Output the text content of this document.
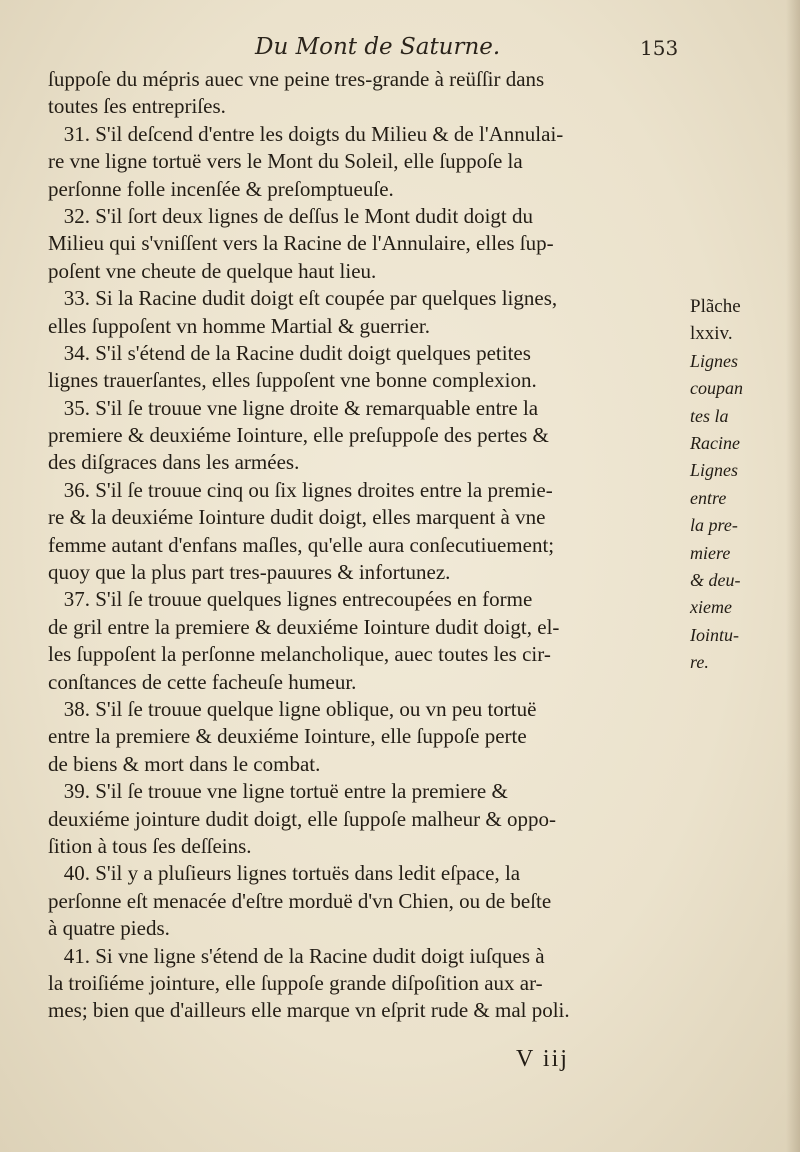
Du Mont de Saturne.	153
ſuppoſe du mépris auec vne peine tres-grande à reüſſir dans
toutes ſes entrepriſes.
31. S'il deſcend d'entre les doigts du Milieu & de l'Annulai-
re vne ligne tortuë vers le Mont du Soleil, elle ſuppoſe la
perſonne folle incenſée & preſomptueuſe.
32. S'il ſort deux lignes de deſſus le Mont dudit doigt du
Milieu qui s'vniſſent vers la Racine de l'Annulaire, elles ſup-
poſent vne cheute de quelque haut lieu.
33. Si la Racine dudit doigt eſt coupée par quelques lignes,
elles ſuppoſent vn homme Martial & guerrier.
34. S'il s'étend de la Racine dudit doigt quelques petites
lignes trauerſantes, elles ſuppoſent vne bonne complexion.
35. S'il ſe trouue vne ligne droite & remarquable entre la
premiere & deuxiéme Iointure, elle preſuppoſe des pertes &
des diſgraces dans les armées.
36. S'il ſe trouue cinq ou ſix lignes droites entre la premie-
re & la deuxiéme Iointure dudit doigt, elles marquent à vne
femme autant d'enfans maſles, qu'elle aura conſecutiuement;
quoy que la plus part tres-pauures & infortunez.
37. S'il ſe trouue quelques lignes entrecoupées en forme
de gril entre la premiere & deuxiéme Iointure dudit doigt, el-
les ſuppoſent la perſonne melancholique, auec toutes les cir-
conſtances de cette facheuſe humeur.
38. S'il ſe trouue quelque ligne oblique, ou vn peu tortuë
entre la premiere & deuxiéme Iointure, elle ſuppoſe perte
de biens & mort dans le combat.
39. S'il ſe trouue vne ligne tortuë entre la premiere &
deuxiéme jointure dudit doigt, elle ſuppoſe malheur & oppo-
ſition à tous ſes deſſeins.
40. S'il y a pluſieurs lignes tortuës dans ledit eſpace, la
perſonne eſt menacée d'eſtre morduë d'vn Chien, ou de beſte
à quatre pieds.
41. Si vne ligne s'étend de la Racine dudit doigt iuſques à
la troiſiéme jointure, elle ſuppoſe grande diſpoſition aux ar-
mes; bien que d'ailleurs elle marque vn eſprit rude & mal poli.
Plãche
lxxiv.
Lignes
coupan
tes la
Racine
Lignes
entre
la pre-
miere
& deu-
xieme
Iointu-
re.
V iij
